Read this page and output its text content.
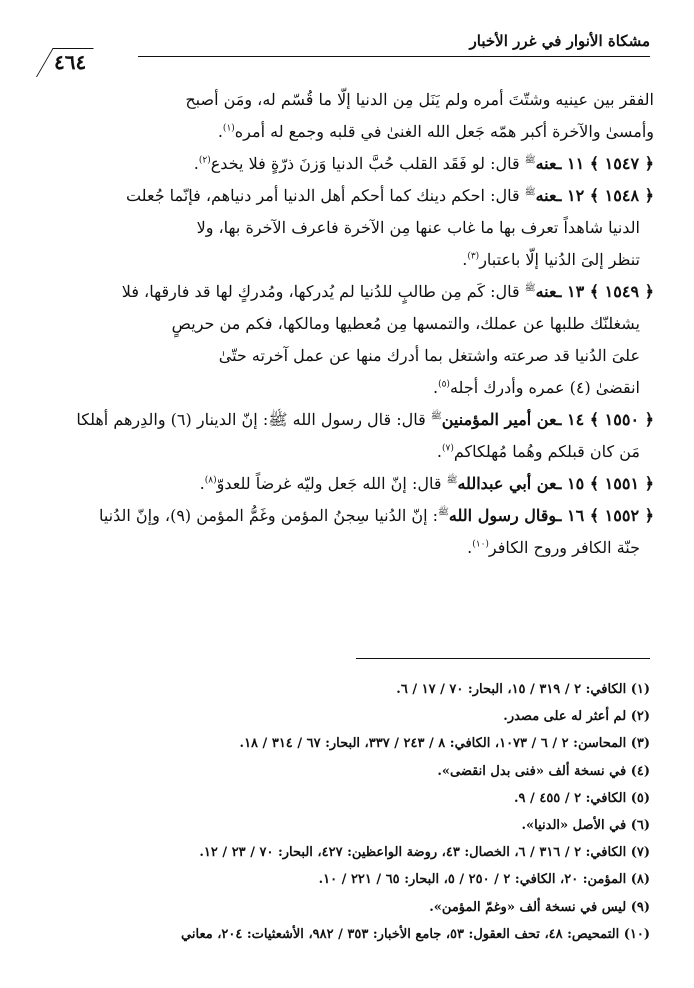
مشكاة الأنوار في غرر الأخبار
٤٦٤

الفقر بين عينيه وشتّتَ أمره ولم يَنَل مِن الدنيا إلّا ما قُسّم له، ومَن أصبح
وأمسىٰ والآخرة أكبر همّه جَعل الله الغنىٰ في قلبه وجمع له أمره$^{(١)}$.

﴿ ١٥٤٧ ﴾ ١١ ـعنه$^ﷺ$ قال: لو فَقَد القلب حُبَّ الدنيا وَزنَ ذرّةٍ فلا يخدع$^{(٢)}$.

﴿ ١٥٤٨ ﴾ ١٢ ـعنه$^ﷺ$ قال: احكم دينك كما أحكم أهل الدنيا أمر دنياهم، فإنّما جُعلت
الدنيا شاهداً تعرف بها ما غاب عنها مِن الآخرة فاعرف الآخرة بها، ولا
تنظر إلىَ الدُنيا إلّا باعتبار$^{(٣)}$.

﴿ ١٥٤٩ ﴾ ١٣ ـعنه$^ﷺ$ قال: كَم مِن طالبٍ للدُنيا لم يُدركها، ومُدركٍ لها قد فارقها، فلا
يشغلنّك طلبها عن عملك، والتمسها مِن مُعطيها ومالكها، فكم من حريصٍ
علىَ الدُنيا قد صرعته واشتغل بما أدرك منها عن عمل آخرته حتّىٰ
انقضىٰ (٤) عمره وأدرك أجله$^{(٥)}$.

﴿ ١٥٥٠ ﴾ ١٤ ـعن أمير المؤمنين$^ﷺ$ قال: قال رسول الله ﷺ: إنّ الدينار (٦) والدِرهم أهلكا
مَن كان قبلكم وهُما مُهلكاكم$^{(٧)}$.

﴿ ١٥٥١ ﴾ ١٥ ـعن أبي عبدالله$^ﷺ$ قال: إنّ الله جَعل وليّه غرضاً للعدوّ$^{(٨)}$.

﴿ ١٥٥٢ ﴾ ١٦ ـوقال رسول الله$^ﷺ$: إنّ الدُنيا سِجنُ المؤمن وغَمُّ المؤمن (٩)، وإنّ الدُنيا
جنّة الكافر وروح الكافر$^{(١٠)}$.

(١) الكافي: ٢ / ٣١٩ / ١٥، البحار: ٧٠ / ١٧ / ٦.

(٢) لم أعثر له على مصدر.

(٣) المحاسن: ٢ / ٦ / ١٠٧٣، الكافي: ٨ / ٢٤٣ / ٣٣٧، البحار: ٦٧ / ٣١٤ / ١٨.

(٤) في نسخة ألف «فنى بدل انقضى».

(٥) الكافي: ٢ / ٤٥٥ / ٩.

(٦) في الأصل «الدنيا».

(٧) الكافي: ٢ / ٣١٦ / ٦، الخصال: ٤٣، روضة الواعظين: ٤٢٧، البحار: ٧٠ / ٢٣ / ١٢.

(٨) المؤمن: ٢٠، الكافي: ٢ / ٢٥٠ / ٥، البحار: ٦٥ / ٢٢١ / ١٠.

(٩) ليس في نسخة ألف «وغمّ المؤمن».

(١٠) التمحيص: ٤٨، تحف العقول: ٥٣، جامع الأخبار: ٣٥٣ / ٩٨٢، الأشعثيات: ٢٠٤، معاني
